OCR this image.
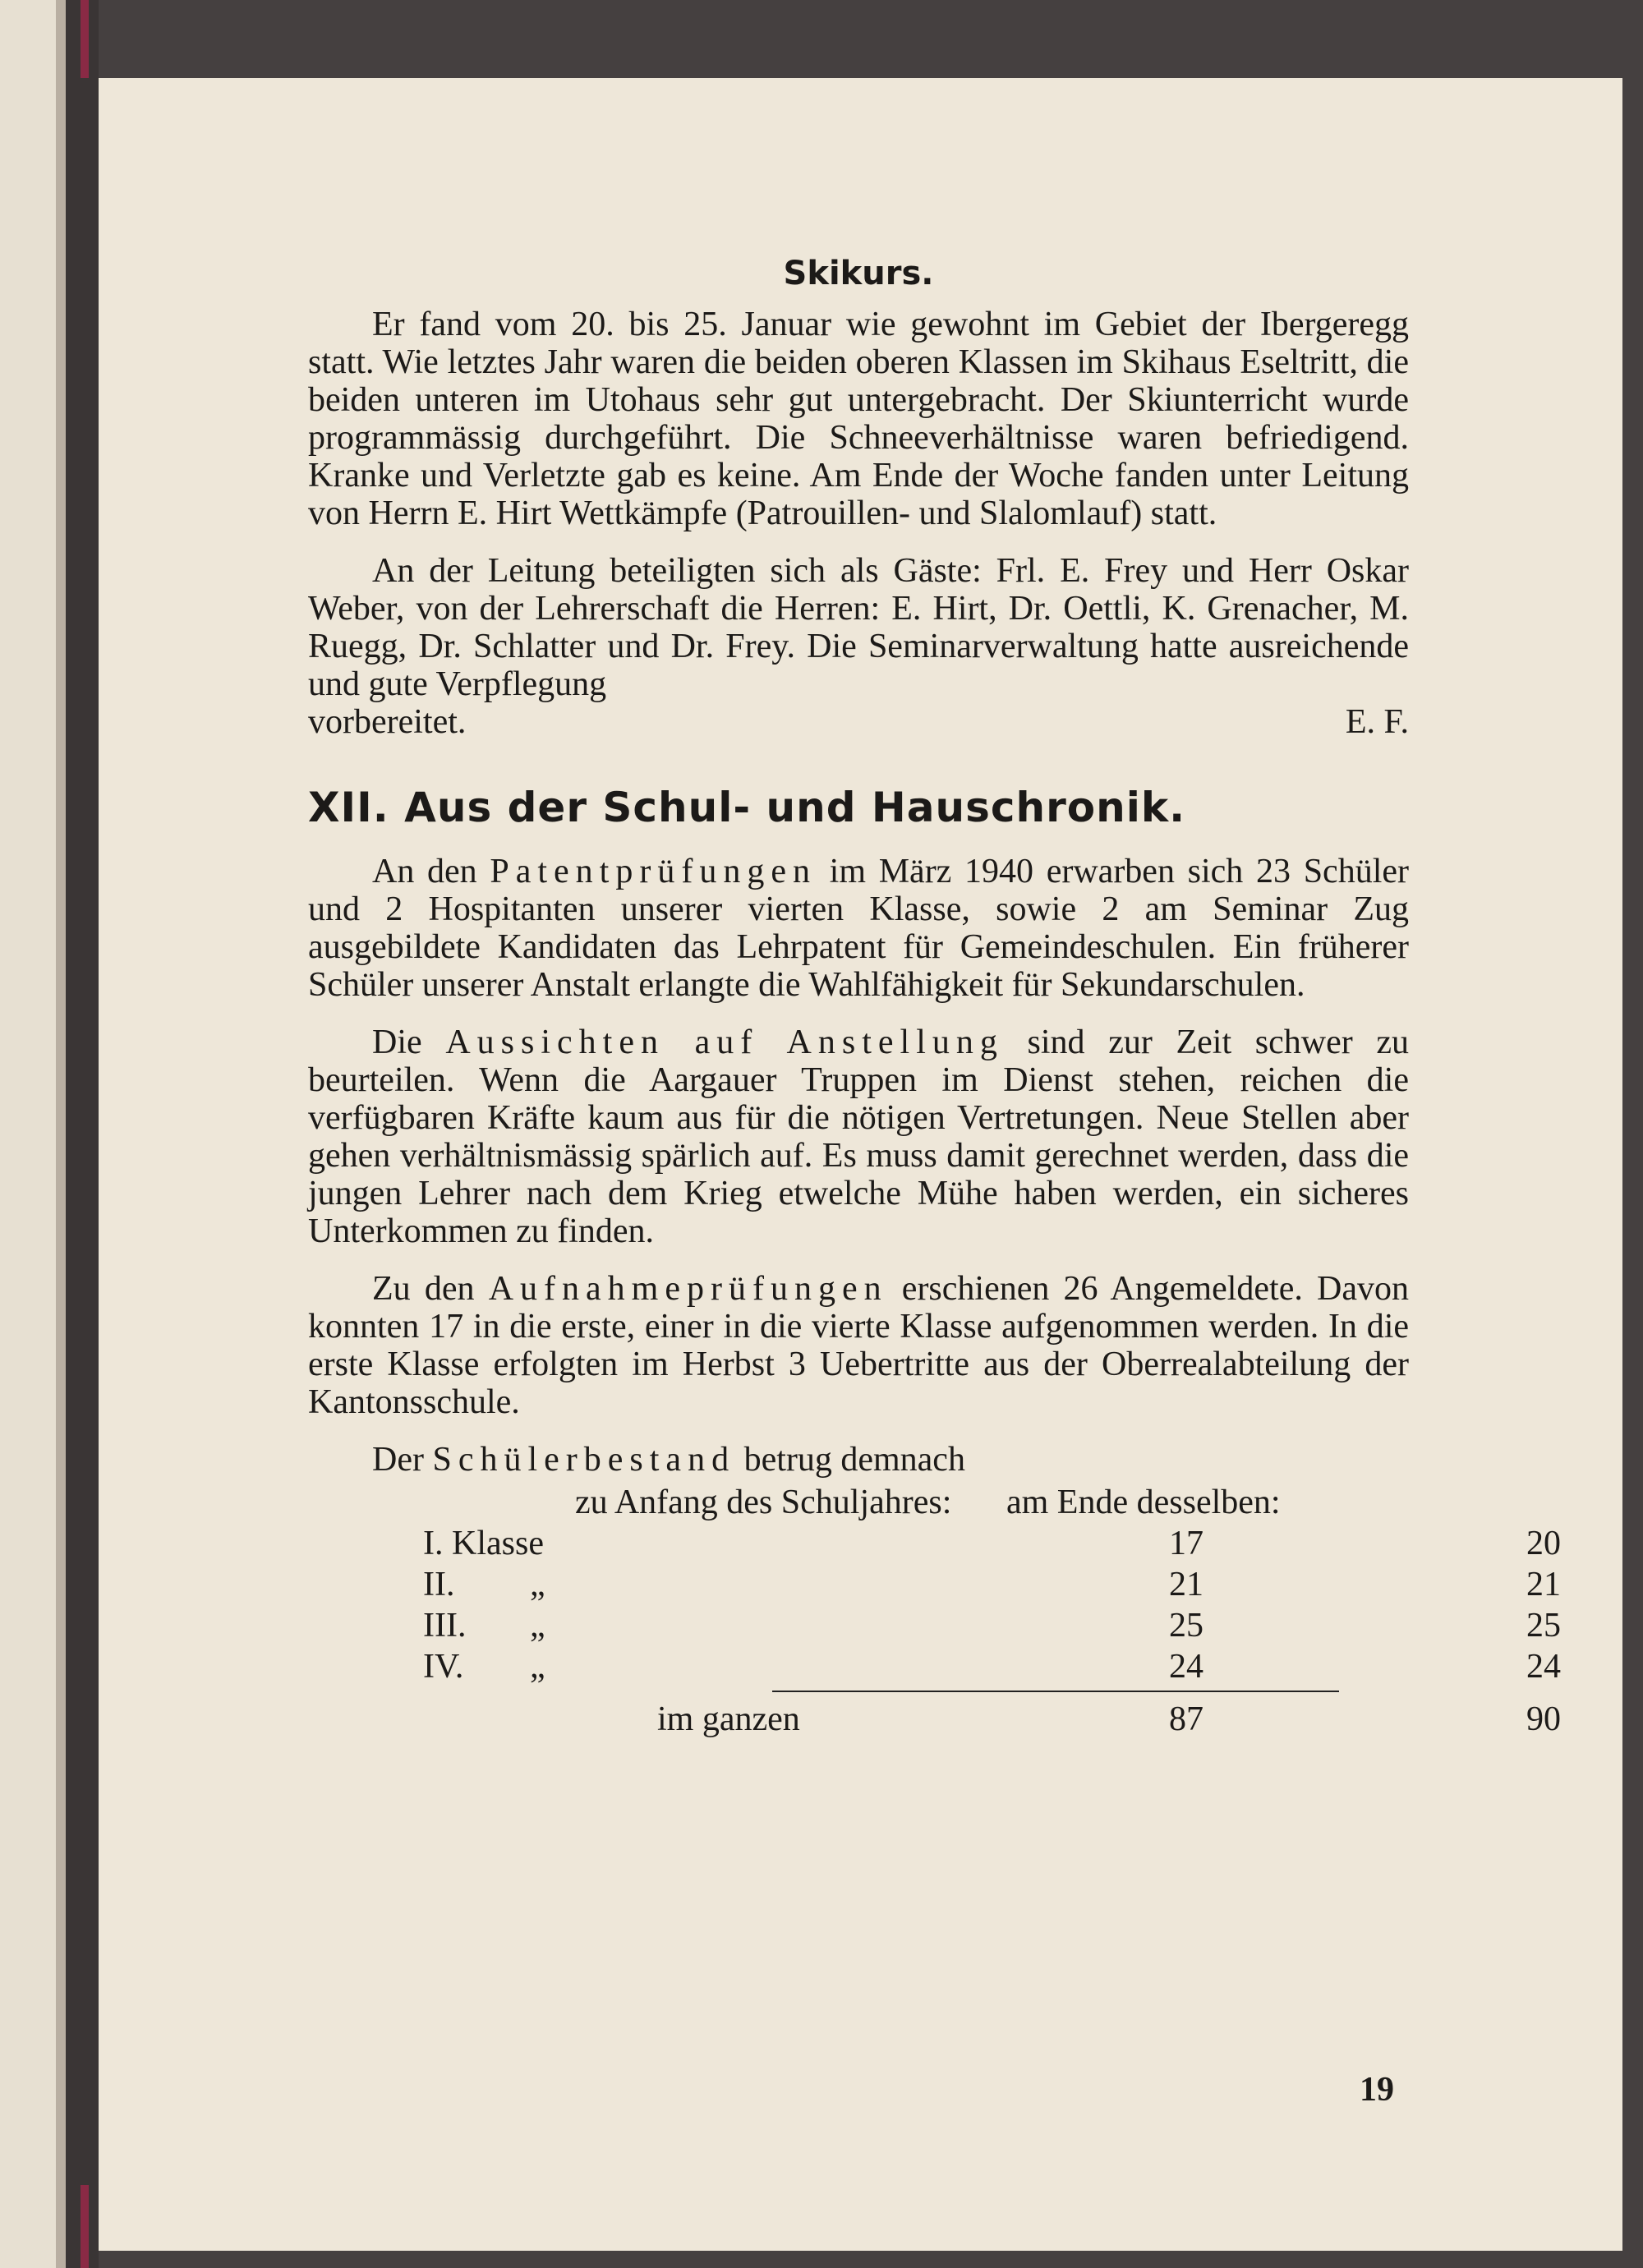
Skikurs.

Er fand vom 20. bis 25. Januar wie gewohnt im Gebiet der Ibergeregg statt. Wie letztes Jahr waren die beiden oberen Klassen im Skihaus Eseltritt, die beiden unteren im Utohaus sehr gut untergebracht. Der Skiunterricht wurde programmässig durchgeführt. Die Schneeverhältnisse waren befriedigend. Kranke und Verletzte gab es keine. Am Ende der Woche fanden unter Leitung von Herrn E. Hirt Wettkämpfe (Patrouillen- und Slalomlauf) statt.

An der Leitung beteiligten sich als Gäste: Frl. E. Frey und Herr Oskar Weber, von der Lehrerschaft die Herren: E. Hirt, Dr. Oettli, K. Grenacher, M. Ruegg, Dr. Schlatter und Dr. Frey. Die Seminarverwaltung hatte ausreichende und gute Verpflegung

vorbereitet.	E. F.
XII. Aus der Schul- und Hauschronik.

An den Patentprüfungen im März 1940 erwarben sich 23 Schüler und 2 Hospitanten unserer vierten Klasse, sowie 2 am Seminar Zug ausgebildete Kandidaten das Lehrpatent für Gemeindeschulen. Ein früherer Schüler unserer Anstalt erlangte die Wahlfähigkeit für Sekundarschulen.

Die Aussichten auf Anstellung sind zur Zeit schwer zu beurteilen. Wenn die Aargauer Truppen im Dienst stehen, reichen die verfügbaren Kräfte kaum aus für die nötigen Vertretungen. Neue Stellen aber gehen verhältnismässig spärlich auf. Es muss damit gerechnet werden, dass die jungen Lehrer nach dem Krieg etwelche Mühe haben werden, ein sicheres Unterkommen zu finden.

Zu den Aufnahmeprüfungen erschienen 26 Angemeldete. Davon konnten 17 in die erste, einer in die vierte Klasse aufgenommen werden. In die erste Klasse erfolgten im Herbst 3 Uebertritte aus der Oberrealabteilung der Kantonsschule.

Der Schülerbestand betrug demnach

zu Anfang des Schuljahres:	am Ende desselben:
I. Klasse	17	20
II. „	21	21
III. „	25	25
IV. „	24	24
im ganzen	87	90
19
